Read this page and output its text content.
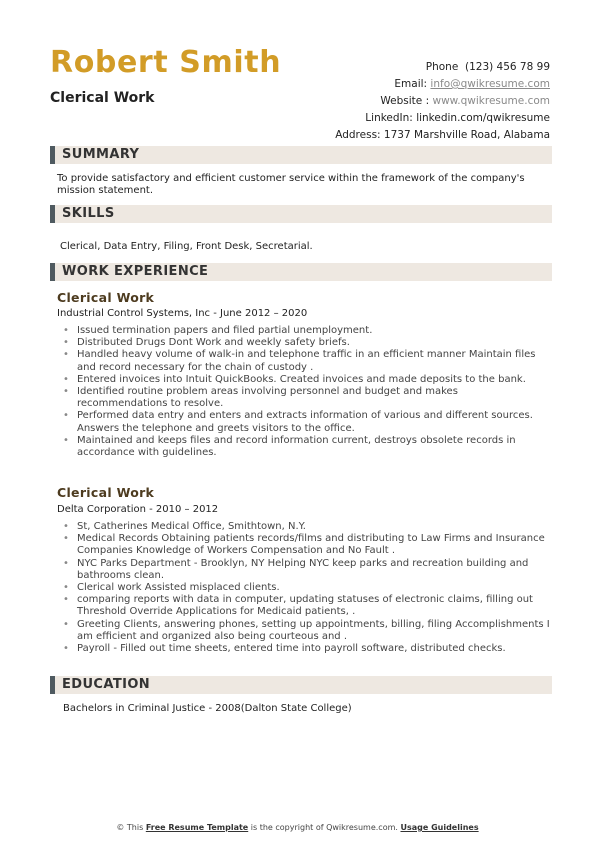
Robert Smith
Clerical Work
Phone (123) 456 78 99
Email: info@qwikresume.com
Website : www.qwikresume.com
LinkedIn: linkedin.com/qwikresume
Address: 1737 Marshville Road, Alabama
SUMMARY
To provide satisfactory and efficient customer service within the framework of the company's mission statement.
SKILLS
Clerical, Data Entry, Filing, Front Desk, Secretarial.
WORK EXPERIENCE
Clerical Work
Industrial Control Systems, Inc - June 2012 – 2020
• Issued termination papers and filed partial unemployment.
• Distributed Drugs Dont Work and weekly safety briefs.
• Handled heavy volume of walk-in and telephone traffic in an efficient manner Maintain files and record necessary for the chain of custody .
• Entered invoices into Intuit QuickBooks. Created invoices and made deposits to the bank.
• Identified routine problem areas involving personnel and budget and makes recommendations to resolve.
• Performed data entry and enters and extracts information of various and different sources. Answers the telephone and greets visitors to the office.
• Maintained and keeps files and record information current, destroys obsolete records in accordance with guidelines.
Clerical Work
Delta Corporation - 2010 – 2012
• St, Catherines Medical Office, Smithtown, N.Y.
• Medical Records Obtaining patients records/films and distributing to Law Firms and Insurance Companies Knowledge of Workers Compensation and No Fault .
• NYC Parks Department - Brooklyn, NY Helping NYC keep parks and recreation building and bathrooms clean.
• Clerical work Assisted misplaced clients.
• comparing reports with data in computer, updating statuses of electronic claims, filling out Threshold Override Applications for Medicaid patients, .
• Greeting Clients, answering phones, setting up appointments, billing, filing Accomplishments I am efficient and organized also being courteous and .
• Payroll - Filled out time sheets, entered time into payroll software, distributed checks.
EDUCATION
Bachelors in Criminal Justice - 2008(Dalton State College)
© This Free Resume Template is the copyright of Qwikresume.com. Usage Guidelines
